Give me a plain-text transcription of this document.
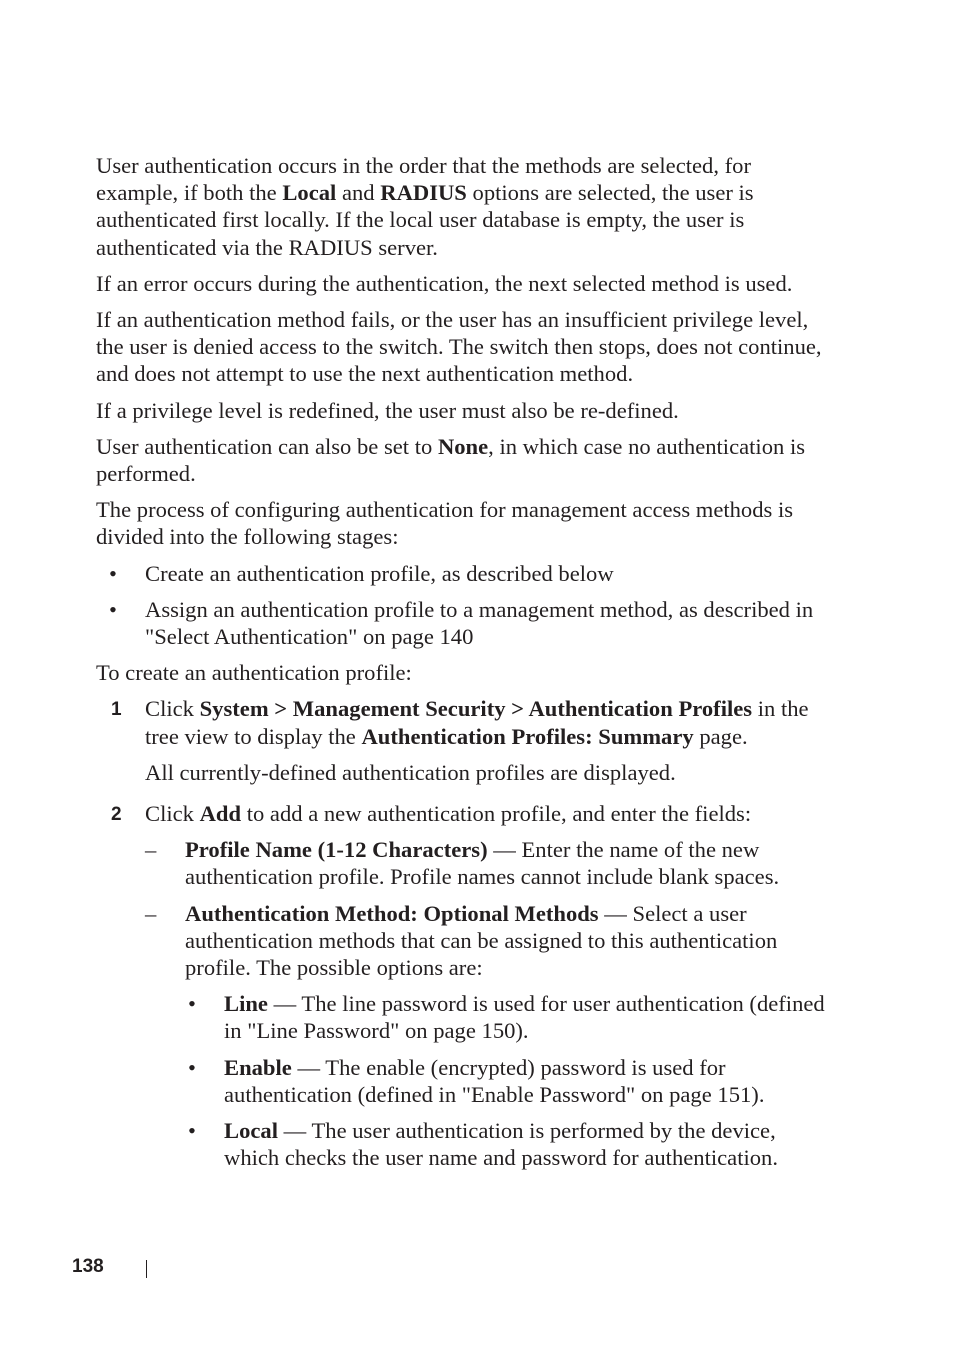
User authentication occurs in the order that the methods are selected, for example, if both the Local and RADIUS options are selected, the user is authenticated first locally. If the local user database is empty, the user is authenticated via the RADIUS server.

If an error occurs during the authentication, the next selected method is used.

If an authentication method fails, or the user has an insufficient privilege level, the user is denied access to the switch. The switch then stops, does not continue, and does not attempt to use the next authentication method.

If a privilege level is redefined, the user must also be re-defined.

User authentication can also be set to None, in which case no authentication is performed.

The process of configuring authentication for management access methods is divided into the following stages:

• Create an authentication profile, as described below
• Assign an authentication profile to a management method, as described in "Select Authentication" on page 140

To create an authentication profile:

1 Click System > Management Security > Authentication Profiles in the tree view to display the Authentication Profiles: Summary page.

All currently-defined authentication profiles are displayed.

2 Click Add to add a new authentication profile, and enter the fields:
– Profile Name (1-12 Characters) — Enter the name of the new authentication profile. Profile names cannot include blank spaces.
– Authentication Method: Optional Methods — Select a user authentication methods that can be assigned to this authentication profile. The possible options are:
• Line — The line password is used for user authentication (defined in "Line Password" on page 150).
• Enable — The enable (encrypted) password is used for authentication (defined in "Enable Password" on page 151).
• Local — The user authentication is performed by the device, which checks the user name and password for authentication.
138
